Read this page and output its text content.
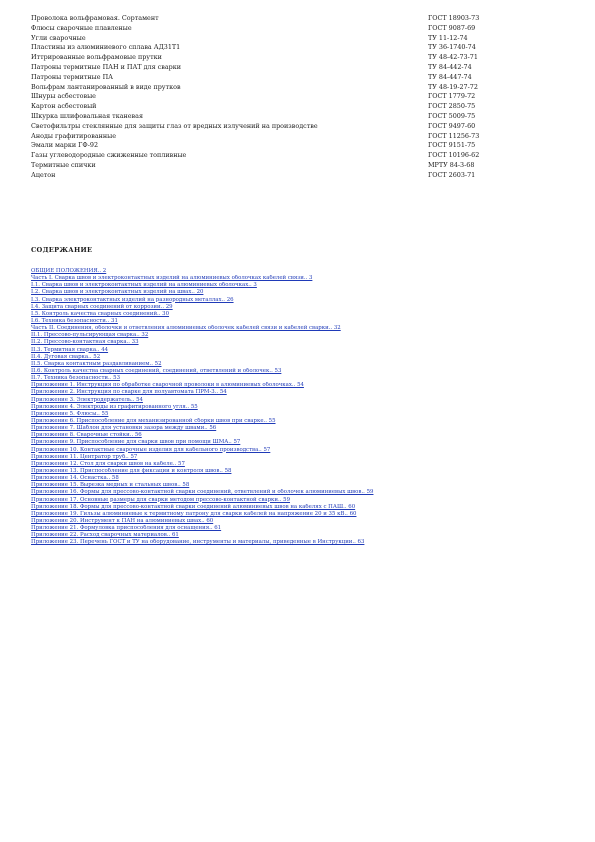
Проволока вольфрамовая. Сортамент	ГОСТ 18903-73
Флюсы сварочные плавленые	ГОСТ 9087-69
Угли сварочные	ТУ 11-12-74
Пластины из алюминиевого сплава АД31Т1	ТУ 36-1740-74
Иттрированные вольфрамовые прутки	ТУ 48-42-73-71
Патроны термитные ПАН и ПАТ для сварки	ТУ 84-442-74
Патроны термитные ПА	ТУ 84-447-74
Вольфрам лантанированный в виде прутков	ТУ 48-19-27-72
Шнуры асбестовые	ГОСТ 1779-72
Картон асбестовый	ГОСТ 2850-75
Шкурка шлифовальная тканевая	ГОСТ 5009-75
Светофильтры стеклянные для защиты глаз от вредных излучений на производстве	ГОСТ 9497-60
Аноды графитированные	ГОСТ 11256-73
Эмали марки ГФ-92	ГОСТ 9151-75
Газы углеводородные сжиженные топливные	ГОСТ 10196-62
Термитные спички	МРТУ 84-3-68
Ацетон	ГОСТ 2603-71
СОДЕРЖАНИЕ
ОБЩИЕ ПОЛОЖЕНИЯ.. 2
Часть I. Сварка швов и электроконтактных изделий на алюминиевых оболочках кабелей связи.. 3
I.1. Сварка швов и электроконтактных изделий на алюминиевых оболочках.. 3
I.2. Сварка швов и электроконтактных изделий на швах.. 20
I.3. Сварка электроконтактных изделий на разнородных металлах.. 26
I.4. Защита сварных соединений от коррозии.. 29
I.5. Контроль качества сварных соединений.. 30
I.6. Техника безопасности.. 31
Часть II. Соединения, оболочки и ответвления алюминиевых оболочек кабелей связи и кабелей сварки.. 32
II.1. Прессово-пульсирующая сварка.. 32
II.2. Прессово-контактная сварка.. 33
II.3. Термитная сварка.. 44
II.4. Дуговая сварка.. 52
II.5. Сварка контактным раздавливанием.. 52
II.6. Контроль качества сварных соединений, соединений, ответвлений и оболочек.. 53
II.7. Техника безопасности.. 53
Приложение 1. Инструкция по обработке сварочной проволоки в алюминиевых оболочках.. 54
Приложение 2. Инструкция по сварке для полуавтомата ПРМ-3.. 54
Приложение 3. Электродержатель.. 54
Приложение 4. Электроды из графитированного угля.. 55
Приложение 5. Флюсы.. 55
Приложение 6. Приспособление для механизированной сборки швов при сварке.. 55
Приложение 7. Шаблон для установки зазора между швами.. 56
Приложение 8. Сварочные стойки.. 56
Приложение 9. Приспособление для сварки швов при помощи ШМА.. 57
Приложение 10. Контактные сварочные изделия для кабельного производства.. 57
Приложение 11. Центратор труб.. 57
Приложение 12. Стол для сварки швов на кабеле.. 57
Приложение 13. Приспособление для фиксации и контроля швов.. 58
Приложение 14. Оснастка.. 58
Приложение 15. Вырезка медных и стальных швов.. 58
Приложение 16. Формы для прессово-контактной сварки соединений, ответвлений и оболочек алюминиевых швов.. 59
Приложение 17. Основные размеры для сварки методом прессово-контактной сварки.. 59
Приложение 18. Формы для прессово-контактной сварки соединений алюминиевых швов на кабелях с ПАШ.. 60
Приложение 19. Гильзы алюминиевые к термитному патрону для сварки кабелей на напряжение 20 и 35 кВ.. 60
Приложение 20. Инструмент к ПАН на алюминиевых швах.. 60
Приложение 21. Формуловка приспособления для оснащения.. 61
Приложение 22. Расход сварочных материалов.. 61
Приложение 23. Перечень ГОСТ и ТУ на оборудование, инструменты и материалы, приведенные в Инструкции.. 63
